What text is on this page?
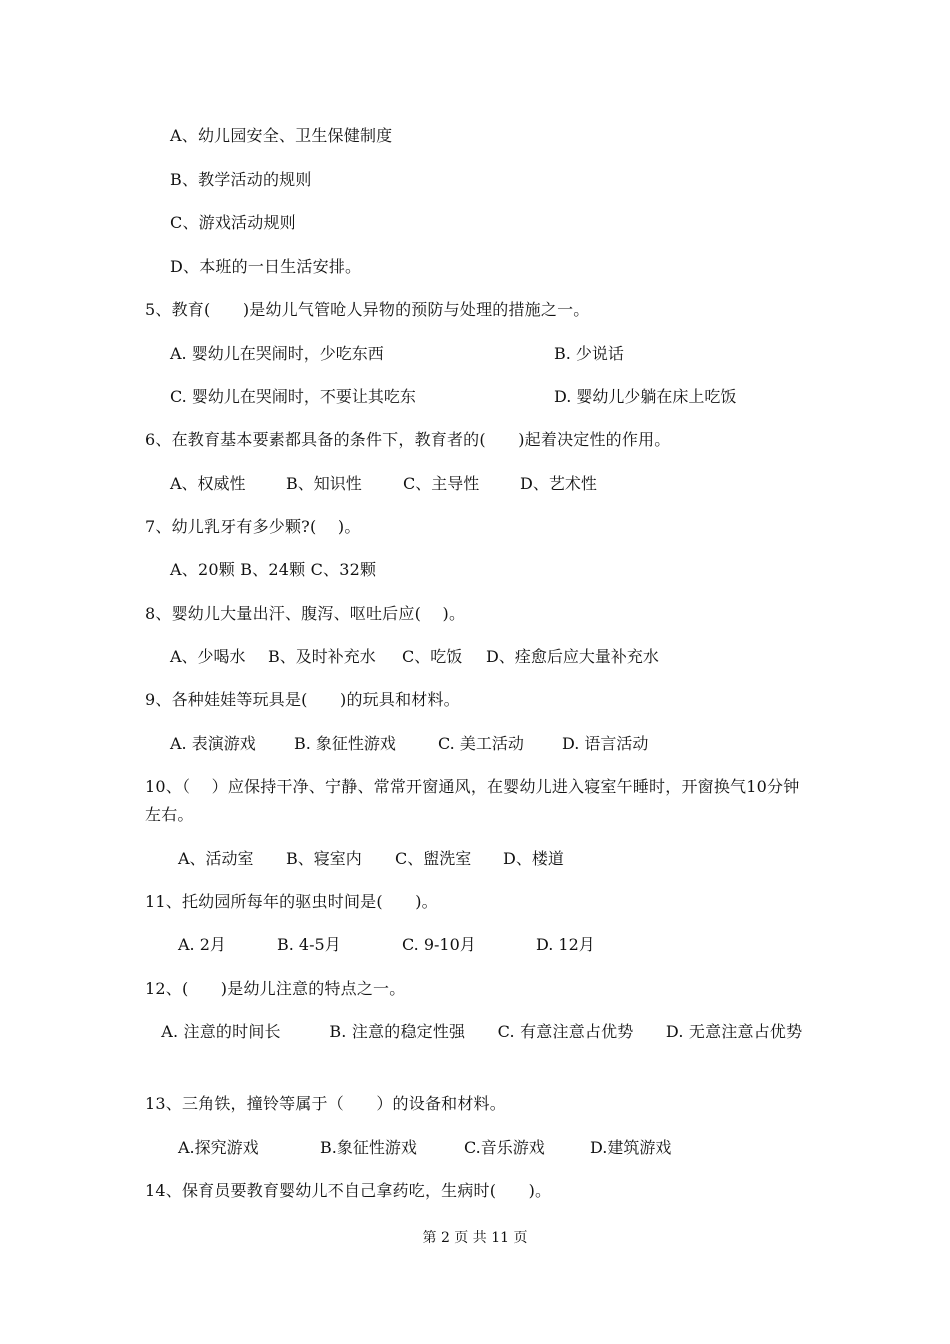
A、幼儿园安全、卫生保健制度
B、教学活动的规则
C、游戏活动规则
D、本班的一日生活安排。
5、教育(　　)是幼儿气管呛人异物的预防与处理的措施之一。
A. 婴幼儿在哭闹时，少吃东西	B. 少说话
C. 婴幼儿在哭闹时，不要让其吃东	D. 婴幼儿少躺在床上吃饭
6、在教育基本要素都具备的条件下，教育者的(　　)起着决定性的作用。
A、权威性	B、知识性	C、主导性	D、艺术性
7、幼儿乳牙有多少颗?(　 )。
A、20颗 B、24颗 C、32颗
8、婴幼儿大量出汗、腹泻、呕吐后应(　 )。
A、少喝水 B、及时补充水 C、吃饭 D、痊愈后应大量补充水
9、各种娃娃等玩具是(　　)的玩具和材料。
A. 表演游戏 B. 象征性游戏	C. 美工活动 D. 语言活动
10、（　 ）应保持干净、宁静、常常开窗通风，在婴幼儿进入寝室午睡时，开窗换气10分钟左右。
A、活动室 B、寝室内 C、盥洗室 D、楼道
11、托幼园所每年的驱虫时间是(　　)。
A. 2月	B. 4-5月	C. 9-10月	D. 12月
12、(　　)是幼儿注意的特点之一。
　A. 注意的时间长　　　B. 注意的稳定性强　　C. 有意注意占优势　　D. 无意注意占优势
13、三角铁，撞铃等属于（　　）的设备和材料。
A.探究游戏	B.象征性游戏	C.音乐游戏	D.建筑游戏
14、保育员要教育婴幼儿不自己拿药吃，生病时(　　)。
第 2 页 共 11 页
